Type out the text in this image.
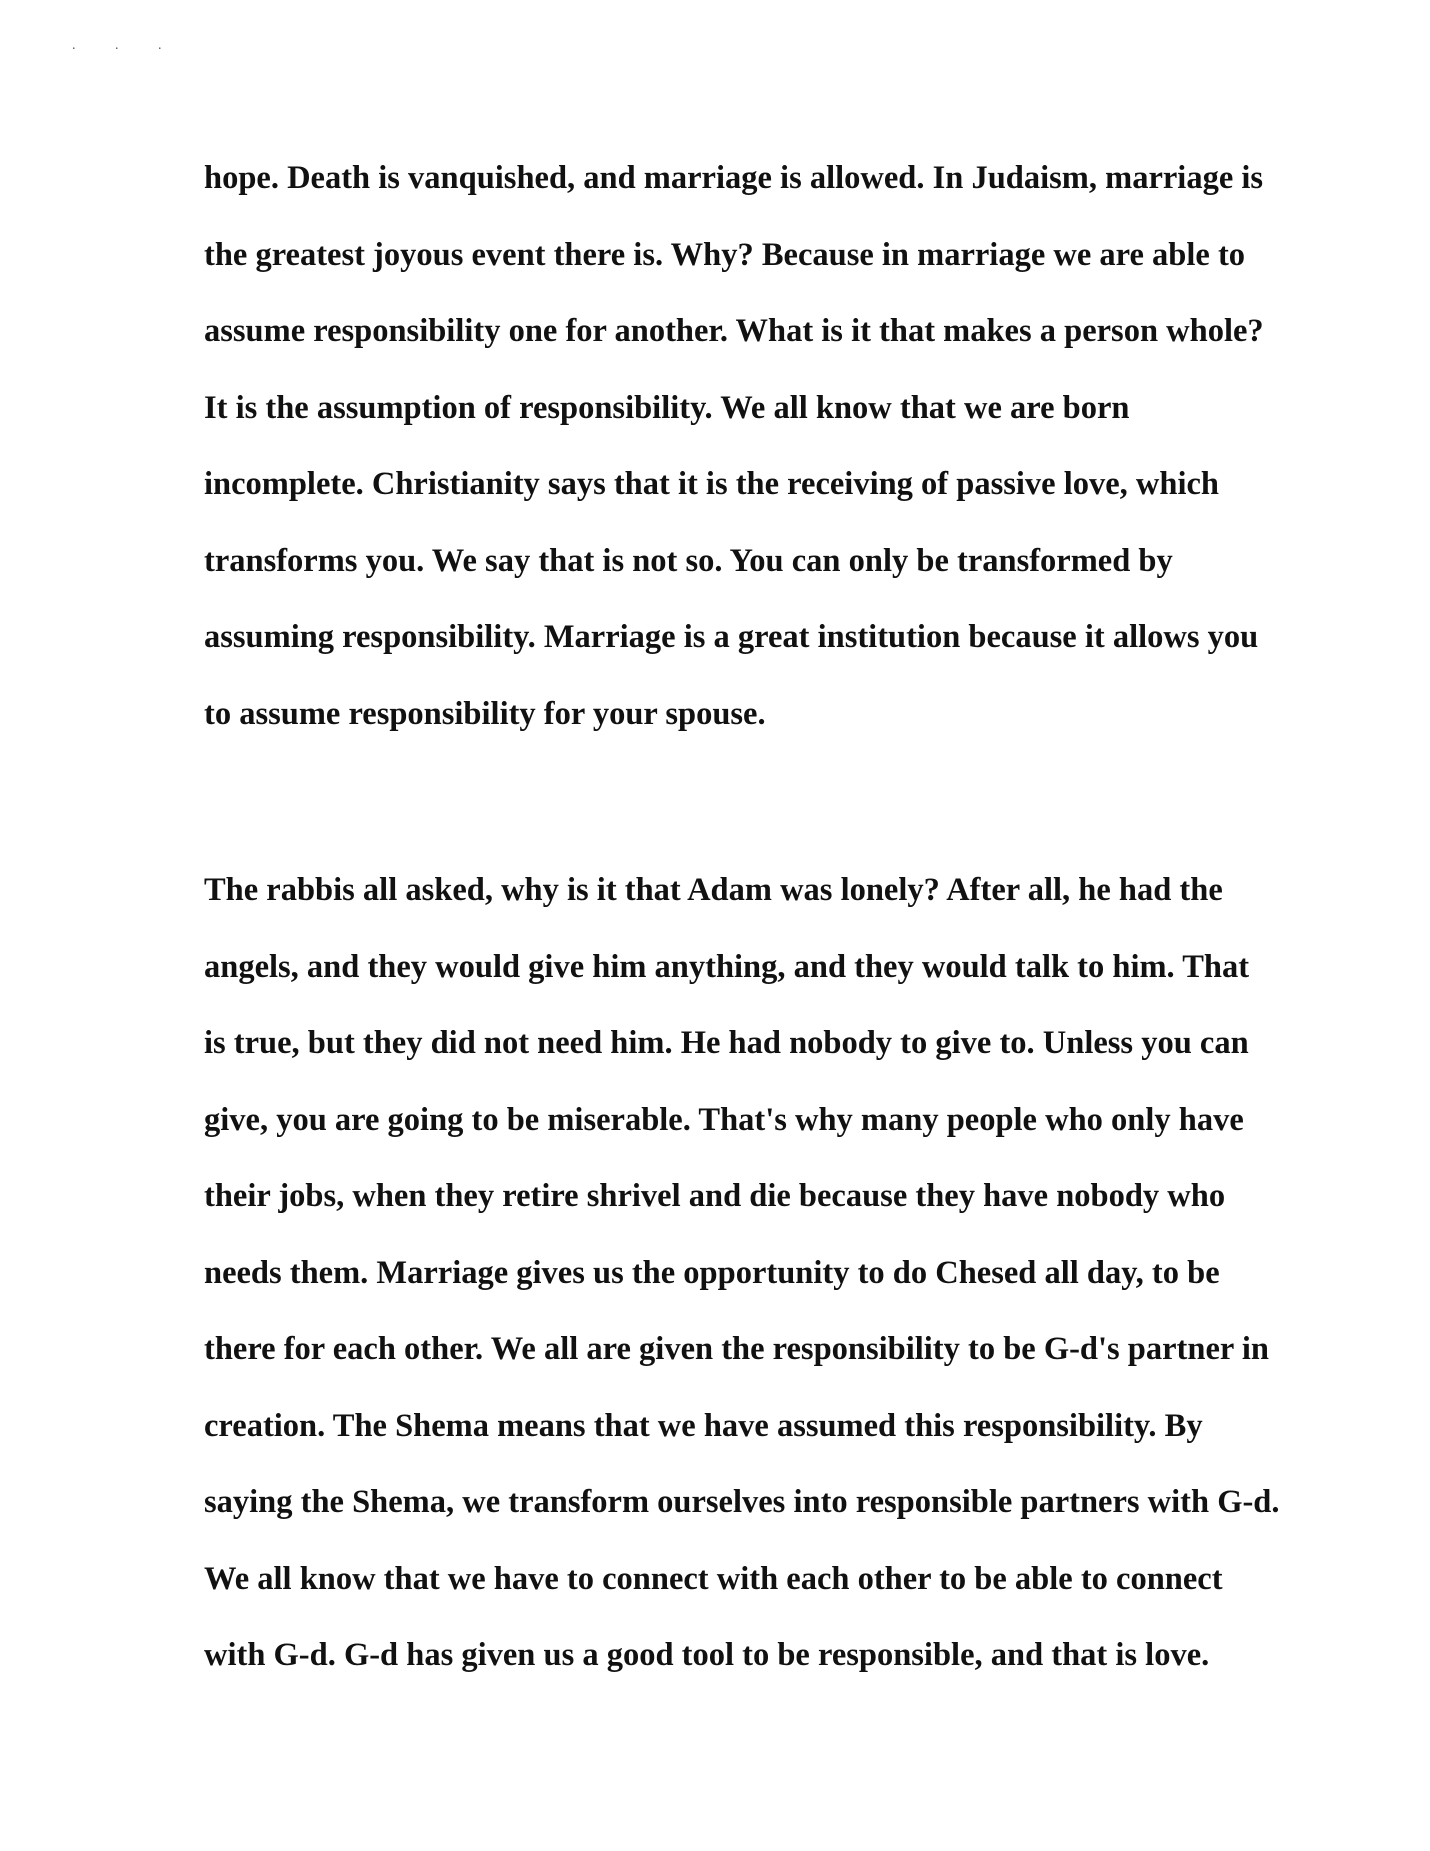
. . .
hope. Death is vanquished, and marriage is allowed. In Judaism, marriage is
the greatest joyous event there is. Why? Because in marriage we are able to
assume responsibility one for another. What is it that makes a person whole?
It is the assumption of responsibility. We all know that we are born
incomplete. Christianity says that it is the receiving of passive love, which
transforms you. We say that is not so. You can only be transformed by
assuming responsibility. Marriage is a great institution because it allows you
to assume responsibility for your spouse.
The rabbis all asked, why is it that Adam was lonely? After all, he had the
angels, and they would give him anything, and they would talk to him. That
is true, but they did not need him. He had nobody to give to. Unless you can
give, you are going to be miserable. That's why many people who only have
their jobs, when they retire shrivel and die because they have nobody who
needs them. Marriage gives us the opportunity to do Chesed all day, to be
there for each other. We all are given the responsibility to be G-d's partner in
creation. The Shema means that we have assumed this responsibility. By
saying the Shema, we transform ourselves into responsible partners with G-d.
We all know that we have to connect with each other to be able to connect
with G-d. G-d has given us a good tool to be responsible, and that is love.
